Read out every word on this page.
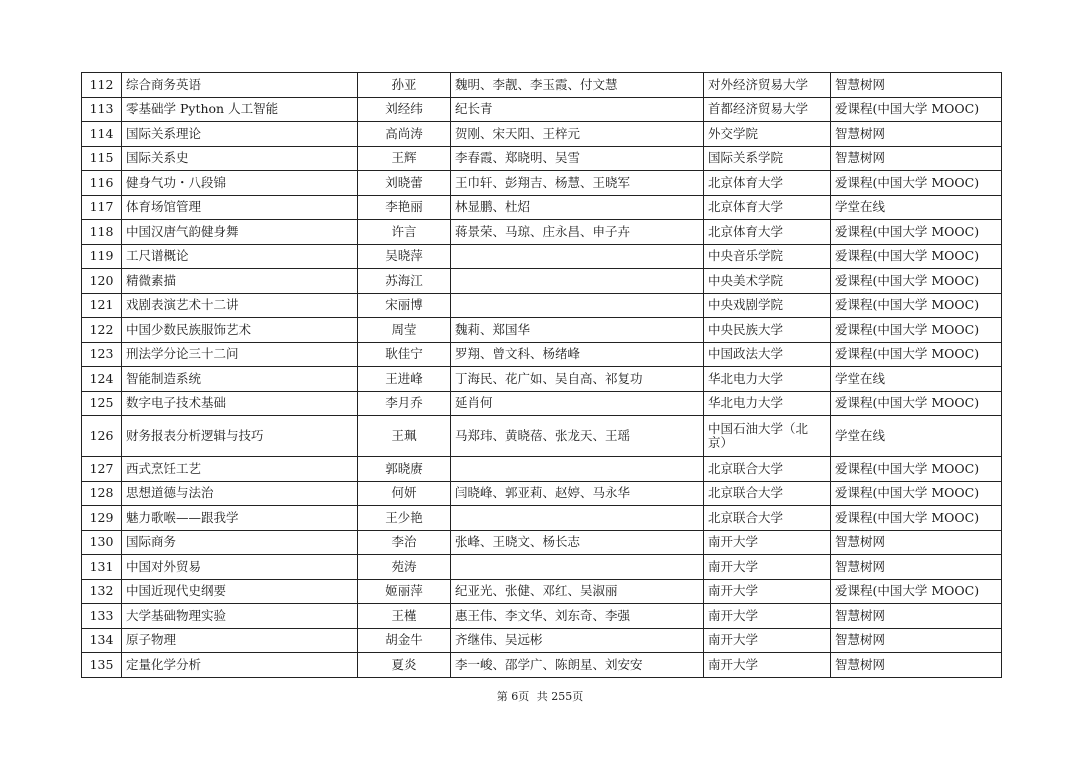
112	综合商务英语	孙亚	魏明、李靓、李玉霞、付文慧	对外经济贸易大学	智慧树网
113	零基础学 Python 人工智能	刘经纬	纪长青	首都经济贸易大学	爱课程(中国大学 MOOC)
114	国际关系理论	高尚涛	贺刚、宋天阳、王梓元	外交学院	智慧树网
115	国际关系史	王辉	李春霞、郑晓明、吴雪	国际关系学院	智慧树网
116	健身气功・八段锦	刘晓蕾	王巾轩、彭翔吉、杨慧、王晓军	北京体育大学	爱课程(中国大学 MOOC)
117	体育场馆管理	李艳丽	林显鹏、杜炤	北京体育大学	学堂在线
118	中国汉唐气韵健身舞	许言	蒋景荣、马琼、庄永昌、申子卉	北京体育大学	爱课程(中国大学 MOOC)
119	工尺谱概论	吴晓萍		中央音乐学院	爱课程(中国大学 MOOC)
120	精微素描	苏海江		中央美术学院	爱课程(中国大学 MOOC)
121	戏剧表演艺术十二讲	宋丽博		中央戏剧学院	爱课程(中国大学 MOOC)
122	中国少数民族服饰艺术	周莹	魏莉、郑国华	中央民族大学	爱课程(中国大学 MOOC)
123	刑法学分论三十二问	耿佳宁	罗翔、曾文科、杨绪峰	中国政法大学	爱课程(中国大学 MOOC)
124	智能制造系统	王进峰	丁海民、花广如、吴自高、祁复功	华北电力大学	学堂在线
125	数字电子技术基础	李月乔	延肖何	华北电力大学	爱课程(中国大学 MOOC)
126	财务报表分析逻辑与技巧	王珮	马郑玮、黄晓蓓、张龙天、王瑶	中国石油大学（北京）	学堂在线
127	西式烹饪工艺	郭晓赓		北京联合大学	爱课程(中国大学 MOOC)
128	思想道德与法治	何妍	闫晓峰、郭亚莉、赵婷、马永华	北京联合大学	爱课程(中国大学 MOOC)
129	魅力歌喉——跟我学	王少艳		北京联合大学	爱课程(中国大学 MOOC)
130	国际商务	李治	张峰、王晓文、杨长志	南开大学	智慧树网
131	中国对外贸易	苑涛		南开大学	智慧树网
132	中国近现代史纲要	姬丽萍	纪亚光、张健、邓红、吴淑丽	南开大学	爱课程(中国大学 MOOC)
133	大学基础物理实验	王槿	惠王伟、李文华、刘东奇、李强	南开大学	智慧树网
134	原子物理	胡金牛	齐继伟、吴远彬	南开大学	智慧树网
135	定量化学分析	夏炎	李一峻、邵学广、陈朗星、刘安安	南开大学	智慧树网
第 6页 共 255页
